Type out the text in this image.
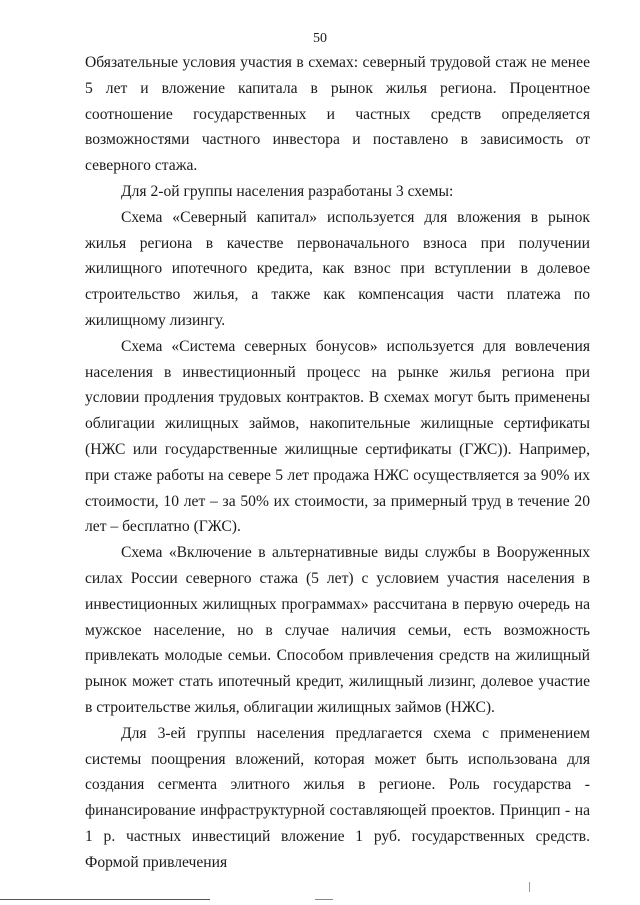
50

Обязательные условия участия в схемах: северный трудовой стаж не менее 5 лет и вложение капитала в рынок жилья региона. Процентное соотношение государственных и частных средств определяется возможностями частного инвестора и поставлено в зависимость от северного стажа.

Для 2-ой группы населения разработаны 3 схемы:

Схема «Северный капитал» используется для вложения в рынок жилья региона в качестве первоначального взноса при получении жилищного ипотечного кредита, как взнос при вступлении в долевое строительство жилья, а также как компенсация части платежа по жилищному лизингу.

Схема «Система северных бонусов» используется для вовлечения населения в инвестиционный процесс на рынке жилья региона при условии продления трудовых контрактов. В схемах могут быть применены облигации жилищных займов, накопительные жилищные сертификаты (НЖС или государственные жилищные сертификаты (ГЖС)). Например, при стаже работы на севере 5 лет продажа НЖС осуществляется за 90% их стоимости, 10 лет – за 50% их стоимости, за примерный труд в течение 20 лет – бесплатно (ГЖС).

Схема «Включение в альтернативные виды службы в Вооруженных силах России северного стажа (5 лет) с условием участия населения в инвестиционных жилищных программах» рассчитана в первую очередь на мужское население, но в случае наличия семьи, есть возможность привлекать молодые семьи. Способом привлечения средств на жилищный рынок может стать ипотечный кредит, жилищный лизинг, долевое участие в строительстве жилья, облигации жилищных займов (НЖС).

Для 3-ей группы населения предлагается схема с применением системы поощрения вложений, которая может быть использована для создания сегмента элитного жилья в регионе. Роль государства - финансирование инфраструктурной составляющей проектов. Принцип - на 1 р. частных инвестиций вложение 1 руб. государственных средств. Формой привлечения
